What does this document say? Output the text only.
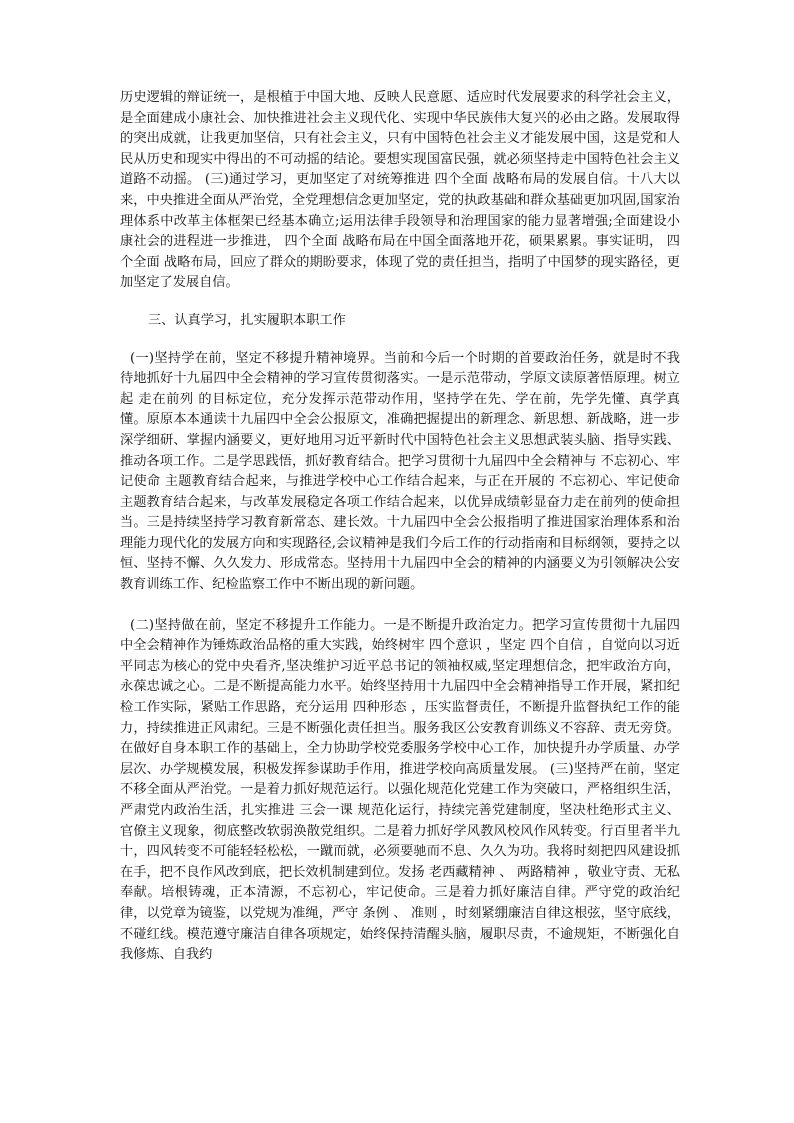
历史逻辑的辩证统一，是根植于中国大地、反映人民意愿、适应时代发展要求的科学社会主义，是全面建成小康社会、加快推进社会主义现代化、实现中华民族伟大复兴的必由之路。发展取得的突出成就，让我更加坚信，只有社会主义，只有中国特色社会主义才能发展中国，这是党和人民从历史和现实中得出的不可动摇的结论。要想实现国富民强，就必须坚持走中国特色社会主义道路不动摇。 (三)通过学习，更加坚定了对统筹推进 四个全面 战略布局的发展自信。十八大以来，中央推进全面从严治党，全党理想信念更加坚定，党的执政基础和群众基础更加巩固,国家治理体系中改革主体框架已经基本确立;运用法律手段领导和治理国家的能力显著增强;全面建设小康社会的进程进一步推进， 四个全面 战略布局在中国全面落地开花，硕果累累。事实证明， 四个全面 战略布局，回应了群众的期盼要求，体现了党的责任担当，指明了中国梦的现实路径，更加坚定了发展自信。

三、认真学习，扎实履职本职工作

(一)坚持学在前，坚定不移提升精神境界。当前和今后一个时期的首要政治任务，就是时不我待地抓好十九届四中全会精神的学习宣传贯彻落实。一是示范带动，学原文读原著悟原理。树立起 走在前列 的目标定位，充分发挥示范带动作用，坚持学在先、学在前，先学先懂、真学真懂。原原本本通读十九届四中全会公报原文，准确把握提出的新理念、新思想、新战略，进一步深学细研、掌握内涵要义，更好地用习近平新时代中国特色社会主义思想武装头脑、指导实践、推动各项工作。二是学思践悟，抓好教育结合。把学习贯彻十九届四中全会精神与 不忘初心、牢记使命 主题教育结合起来，与推进学校中心工作结合起来，与正在开展的 不忘初心、牢记使命 主题教育结合起来，与改革发展稳定各项工作结合起来，以优异成绩彰显奋力走在前列的使命担当。三是持续坚持学习教育新常态、建长效。十九届四中全会公报指明了推进国家治理体系和治理能力现代化的发展方向和实现路径,会议精神是我们今后工作的行动指南和目标纲领，要持之以恒、坚持不懈、久久发力、形成常态。坚持用十九届四中全会的精神的内涵要义为引领解决公安教育训练工作、纪检监察工作中不断出现的新问题。

(二)坚持做在前，坚定不移提升工作能力。一是不断提升政治定力。把学习宣传贯彻十九届四中全会精神作为锤炼政治品格的重大实践，始终树牢 四个意识 ，坚定 四个自信 ，自觉向以习近平同志为核心的党中央看齐,坚决维护习近平总书记的领袖权威,坚定理想信念，把牢政治方向，永葆忠诚之心。二是不断提高能力水平。始终坚持用十九届四中全会精神指导工作开展，紧扣纪检工作实际，紧贴工作思路，充分运用 四种形态 ，压实监督责任，不断提升监督执纪工作的能力，持续推进正风肃纪。三是不断强化责任担当。服务我区公安教育训练义不容辞、责无旁贷。在做好自身本职工作的基础上，全力协助学校党委服务学校中心工作，加快提升办学质量、办学层次、办学规模发展，积极发挥参谋助手作用，推进学校向高质量发展。 (三)坚持严在前，坚定不移全面从严治党。一是着力抓好规范运行。以强化规范化党建工作为突破口，严格组织生活，严肃党内政治生活，扎实推进 三会一课 规范化运行，持续完善党建制度，坚决杜绝形式主义、官僚主义现象，彻底整改软弱涣散党组织。二是着力抓好学风教风校风作风转变。行百里者半九十，四风转变不可能轻轻松松，一蹴而就，必须要驰而不息、久久为功。我将时刻把四风建设抓在手，把不良作风改到底，把长效机制建到位。发扬 老西藏精神 、 两路精神 ，敬业守责、无私奉献。培根铸魂，正本清源，不忘初心，牢记使命。三是着力抓好廉洁自律。严守党的政治纪律，以党章为镜鉴，以党规为准绳，严守 条例 、 准则 ，时刻紧绷廉洁自律这根弦，坚守底线，不碰红线。模范遵守廉洁自律各项规定，始终保持清醒头脑，履职尽责，不逾规矩，不断强化自我修炼、自我约
